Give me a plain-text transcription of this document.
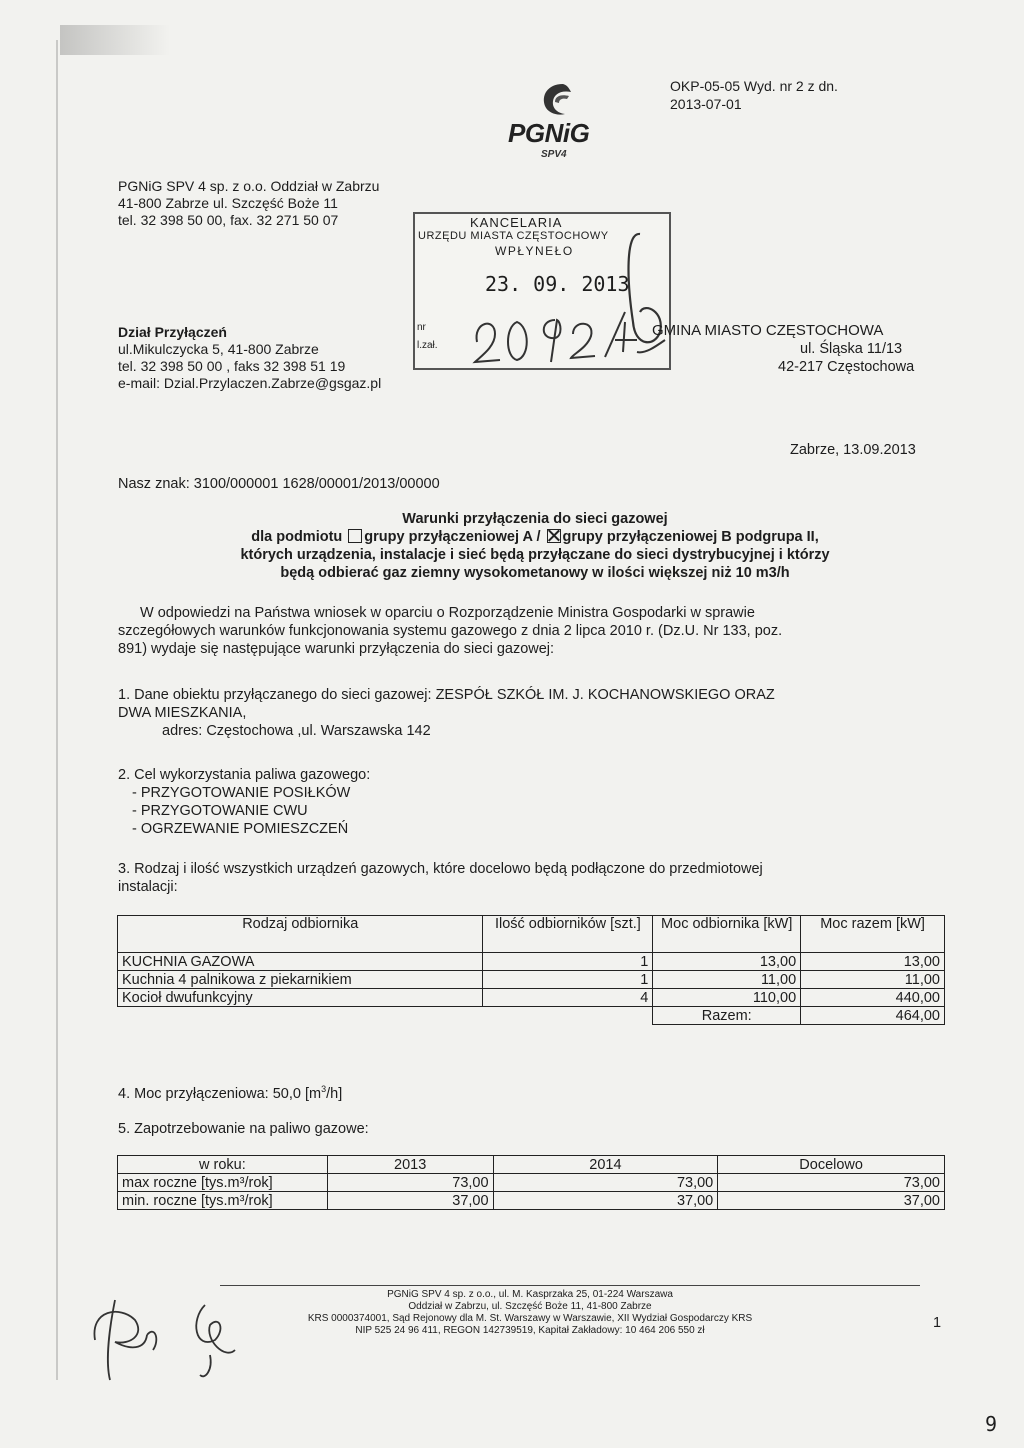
PGNiG
SPV4
OKP-05-05 Wyd. nr 2 z dn.
2013-07-01
PGNiG SPV 4 sp. z o.o. Oddział w Zabrzu
41-800 Zabrze ul. Szczęść Boże 11
tel. 32 398 50 00, fax. 32 271 50 07	KANCELARIA
URZĘDU MIASTA CZĘSTOCHOWY
WPŁYNEŁO
23. 09. 2013
nr
l.zał.
Dział Przyłączeń
ul.Mikulczycka 5, 41-800 Zabrze
tel. 32 398 50 00 , faks 32 398 51 19
e-mail: Dzial.Przylaczen.Zabrze@gsgaz.pl
GMINA MIASTO CZĘSTOCHOWA
ul. Śląska 11/13
42-217 Częstochowa
Zabrze, 13.09.2013
Nasz znak: 3100/000001 1628/00001/2013/00000
Warunki przyłączenia do sieci gazowej
dla podmiotu grupy przyłączeniowej A / grupy przyłączeniowej B podgrupa II,
których urządzenia, instalacje i sieć będą przyłączane do sieci dystrybucyjnej i którzy
będą odbierać gaz ziemny wysokometanowy w ilości większej niż 10 m3/h
W odpowiedzi na Państwa wniosek w oparciu o Rozporządzenie Ministra Gospodarki w sprawie
szczegółowych warunków funkcjonowania systemu gazowego z dnia 2 lipca 2010 r. (Dz.U. Nr 133, poz.
891) wydaje się następujące warunki przyłączenia do sieci gazowej:
1. Dane obiektu przyłączanego do sieci gazowej: ZESPÓŁ SZKÓŁ IM. J. KOCHANOWSKIEGO ORAZ
DWA MIESZKANIA,
adres: Częstochowa ,ul. Warszawska 142
2. Cel wykorzystania paliwa gazowego:
- PRZYGOTOWANIE POSIŁKÓW
- PRZYGOTOWANIE CWU
- OGRZEWANIE POMIESZCZEŃ
3. Rodzaj i ilość wszystkich urządzeń gazowych, które docelowo będą podłączone do przedmiotowej
instalacji:
Rodzaj odbiornika	Ilość odbiorników [szt.]	Moc odbiornika [kW]	Moc razem [kW]
KUCHNIA GAZOWA	1	13,00	13,00
Kuchnia 4 palnikowa z piekarnikiem	1	11,00	11,00
Kocioł dwufunkcyjny	4	110,00	440,00
		Razem:	464,00
4. Moc przyłączeniowa: 50,0 $[m^3/h]$
5. Zapotrzebowanie na paliwo gazowe:
w roku:	2013	2014	Docelowo
max roczne [tys.m³/rok]	73,00	73,00	73,00
min. roczne [tys.m³/rok]	37,00	37,00	37,00
PGNiG SPV 4 sp. z o.o., ul. M. Kasprzaka 25, 01-224 Warszawa
Oddział w Zabrzu, ul. Szczęść Boże 11, 41-800 Zabrze
KRS 0000374001, Sąd Rejonowy dla M. St. Warszawy w Warszawie, XII Wydział Gospodarczy KRS
NIP 525 24 96 411, REGON 142739519, Kapitał Zakładowy: 10 464 206 550 zł	1
9
